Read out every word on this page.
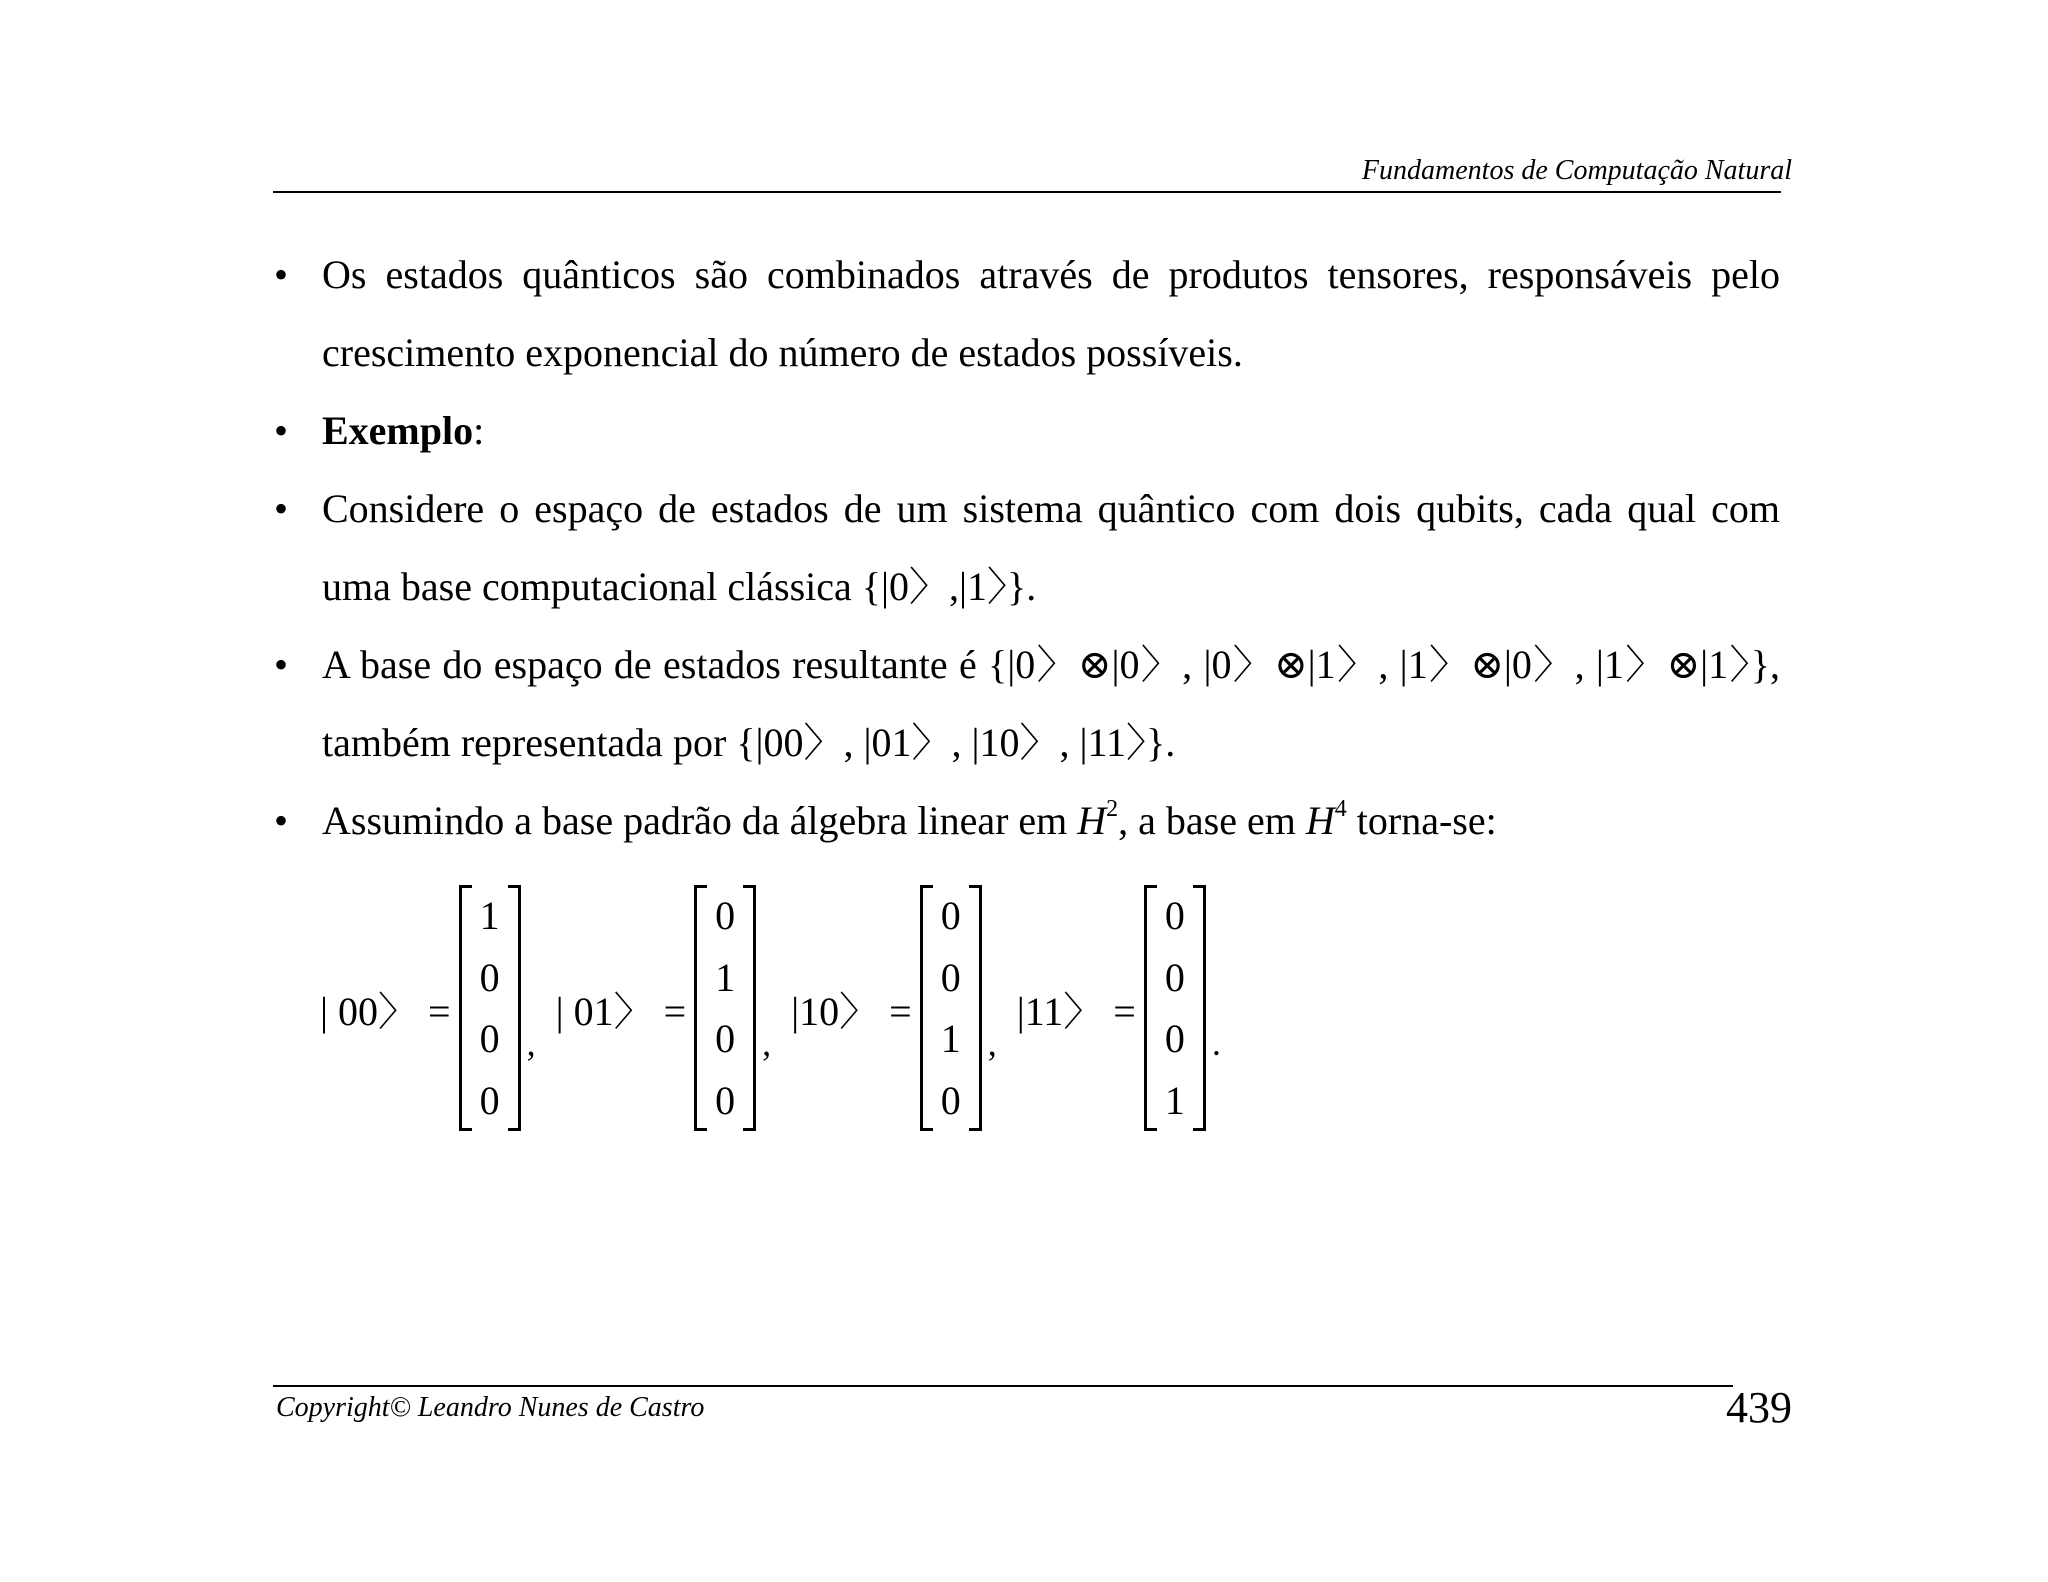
Fundamentos de Computação Natural
• Os estados quânticos são combinados através de produtos tensores, responsáveis pelo crescimento exponencial do número de estados possíveis.
• Exemplo:
• Considere o espaço de estados de um sistema quântico com dois qubits, cada qual com uma base computacional clássica {|0〉,|1〉}.
• A base do espaço de estados resultante é {|0〉⊗|0〉, |0〉⊗|1〉, |1〉⊗|0〉, |1〉⊗|1〉}, também representada por {|00〉, |01〉, |10〉, |11〉}.
• Assumindo a base padrão da álgebra linear em $H^2$, a base em $H^4$ torna-se:
| 00〉 =
1
0
0
0
,
| 01〉 =
0
1
0
0
,
|10〉 =
0
0
1
0
,
|11〉 =
0
0
0
1
.
Copyright© Leandro Nunes de Castro	439
